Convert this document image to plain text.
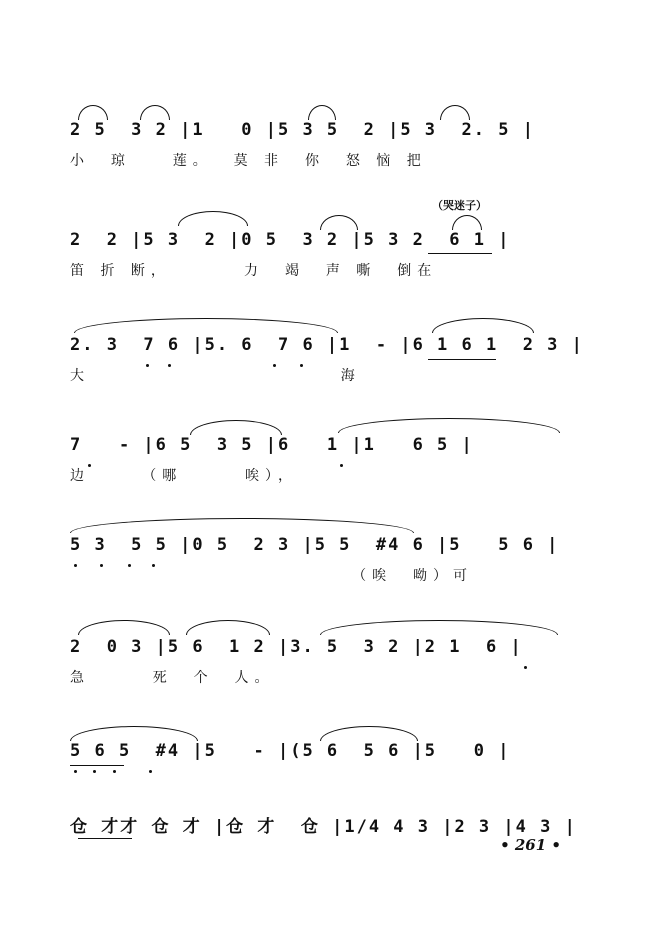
2 5  3 2 |1   0 |5 3 5  2 |5 3  2. 5 |
小  琼    莲。  莫 非  你  怒 恼 把
（哭迷子）
2  2 |5 3  2 |0 5  3 2 |5 3 2  6 1 |
笛 折 断，       力  竭  声 嘶  倒在
2. 3  7 6 |5. 6  7 6 |1  - |6 1 6 1  2 3 |
大                        海
7   - |6 5  3 5 |6   1 |1   6 5 |
边     （哪      唉），
5 3  5 5 |0 5  2 3 |5 5  #4 6 |5   5 6 |
（唉  呦）可
2  0 3 |5 6  1 2 |3. 5  3 2 |2 1  6 |
急      死  个  人。
5 6 5  #4 |5   - |(5 6  5 6 |5   0 |
仓 才才 仓 才 |仓 才  仓 |1/4 4 3 |2 3 |4 3 |
• 261 •
